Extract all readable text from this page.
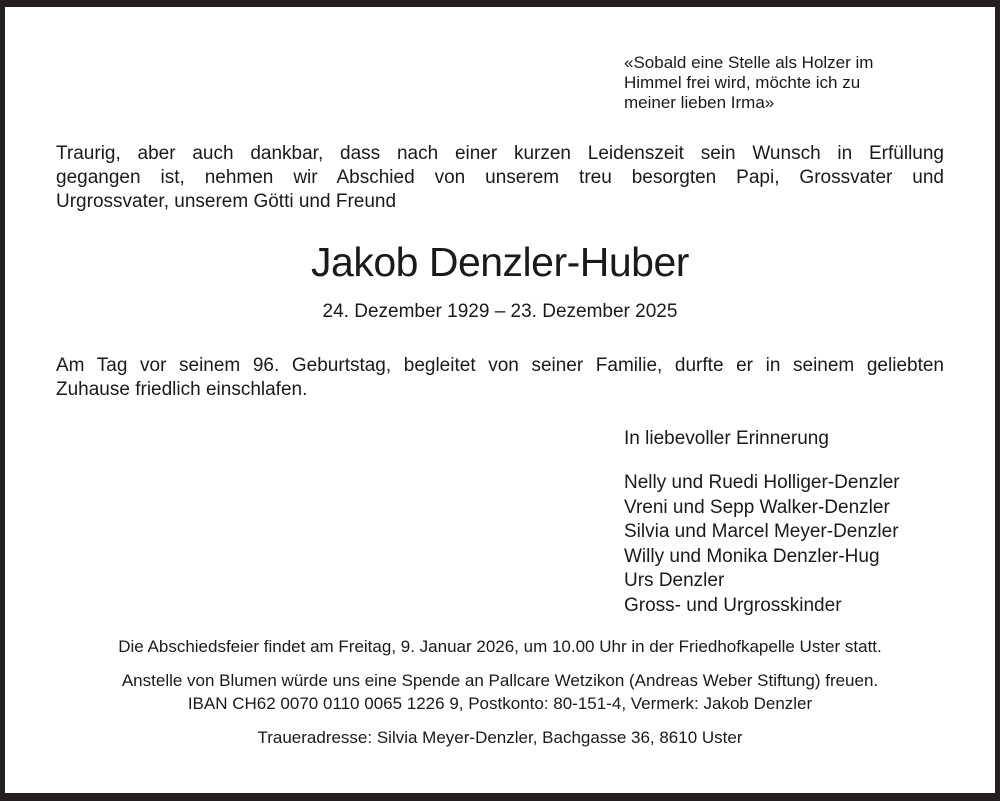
«Sobald eine Stelle als Holzer im
Himmel frei wird, möchte ich zu
meiner lieben Irma»
Traurig, aber auch dankbar, dass nach einer kurzen Leidenszeit sein Wunsch in Erfüllung
gegangen ist, nehmen wir Abschied von unserem treu besorgten Papi, Grossvater und
Urgrossvater, unserem Götti und Freund
Jakob Denzler-Huber
24. Dezember 1929 – 23. Dezember 2025
Am Tag vor seinem 96. Geburtstag, begleitet von seiner Familie, durfte er in seinem geliebten
Zuhause friedlich einschlafen.
In liebevoller Erinnerung
Nelly und Ruedi Holliger-Denzler
Vreni und Sepp Walker-Denzler
Silvia und Marcel Meyer-Denzler
Willy und Monika Denzler-Hug
Urs Denzler
Gross- und Urgrosskinder
Die Abschiedsfeier findet am Freitag, 9. Januar 2026, um 10.00 Uhr in der Friedhofkapelle Uster statt.
Anstelle von Blumen würde uns eine Spende an Pallcare Wetzikon (Andreas Weber Stiftung) freuen.
IBAN CH62 0070 0110 0065 1226 9, Postkonto: 80-151-4, Vermerk: Jakob Denzler
Traueradresse: Silvia Meyer-Denzler, Bachgasse 36, 8610 Uster
